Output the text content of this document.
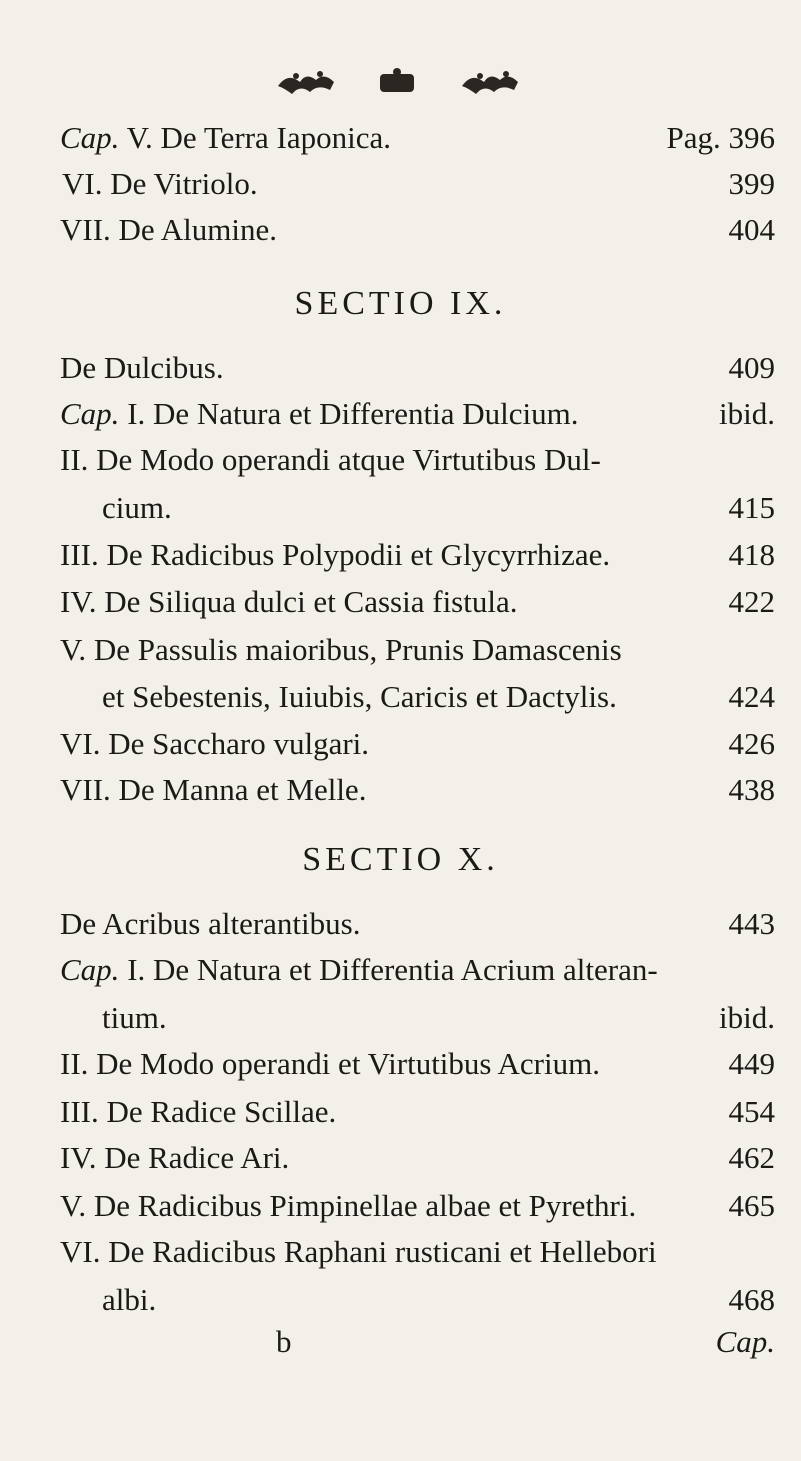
Cap. V. De Terra Iaponica.	Pag. 396
VI. De Vitriolo.	399
VII. De Alumine.	404
SECTIO IX.
De Dulcibus.	409
Cap. I. De Natura et Differentia Dulcium.	ibid.
II. De Modo operandi atque Virtutibus Dul-
cium.	415
III. De Radicibus Polypodii et Glycyrrhizae.	418
IV. De Siliqua dulci et Cassia fistula.	422
V. De Passulis maioribus, Prunis Damascenis
et Sebestenis, Iuiubis, Caricis et Dactylis.	424
VI. De Saccharo vulgari.	426
VII. De Manna et Melle.	438
SECTIO X.
De Acribus alterantibus.	443
Cap. I. De Natura et Differentia Acrium alteran-
tium.	ibid.
II. De Modo operandi et Virtutibus Acrium.	449
III. De Radice Scillae.	454
IV. De Radice Ari.	462
V. De Radicibus Pimpinellae albae et Pyrethri.	465
VI. De Radicibus Raphani rusticani et Hellebori
albi.	468
b	Cap.
